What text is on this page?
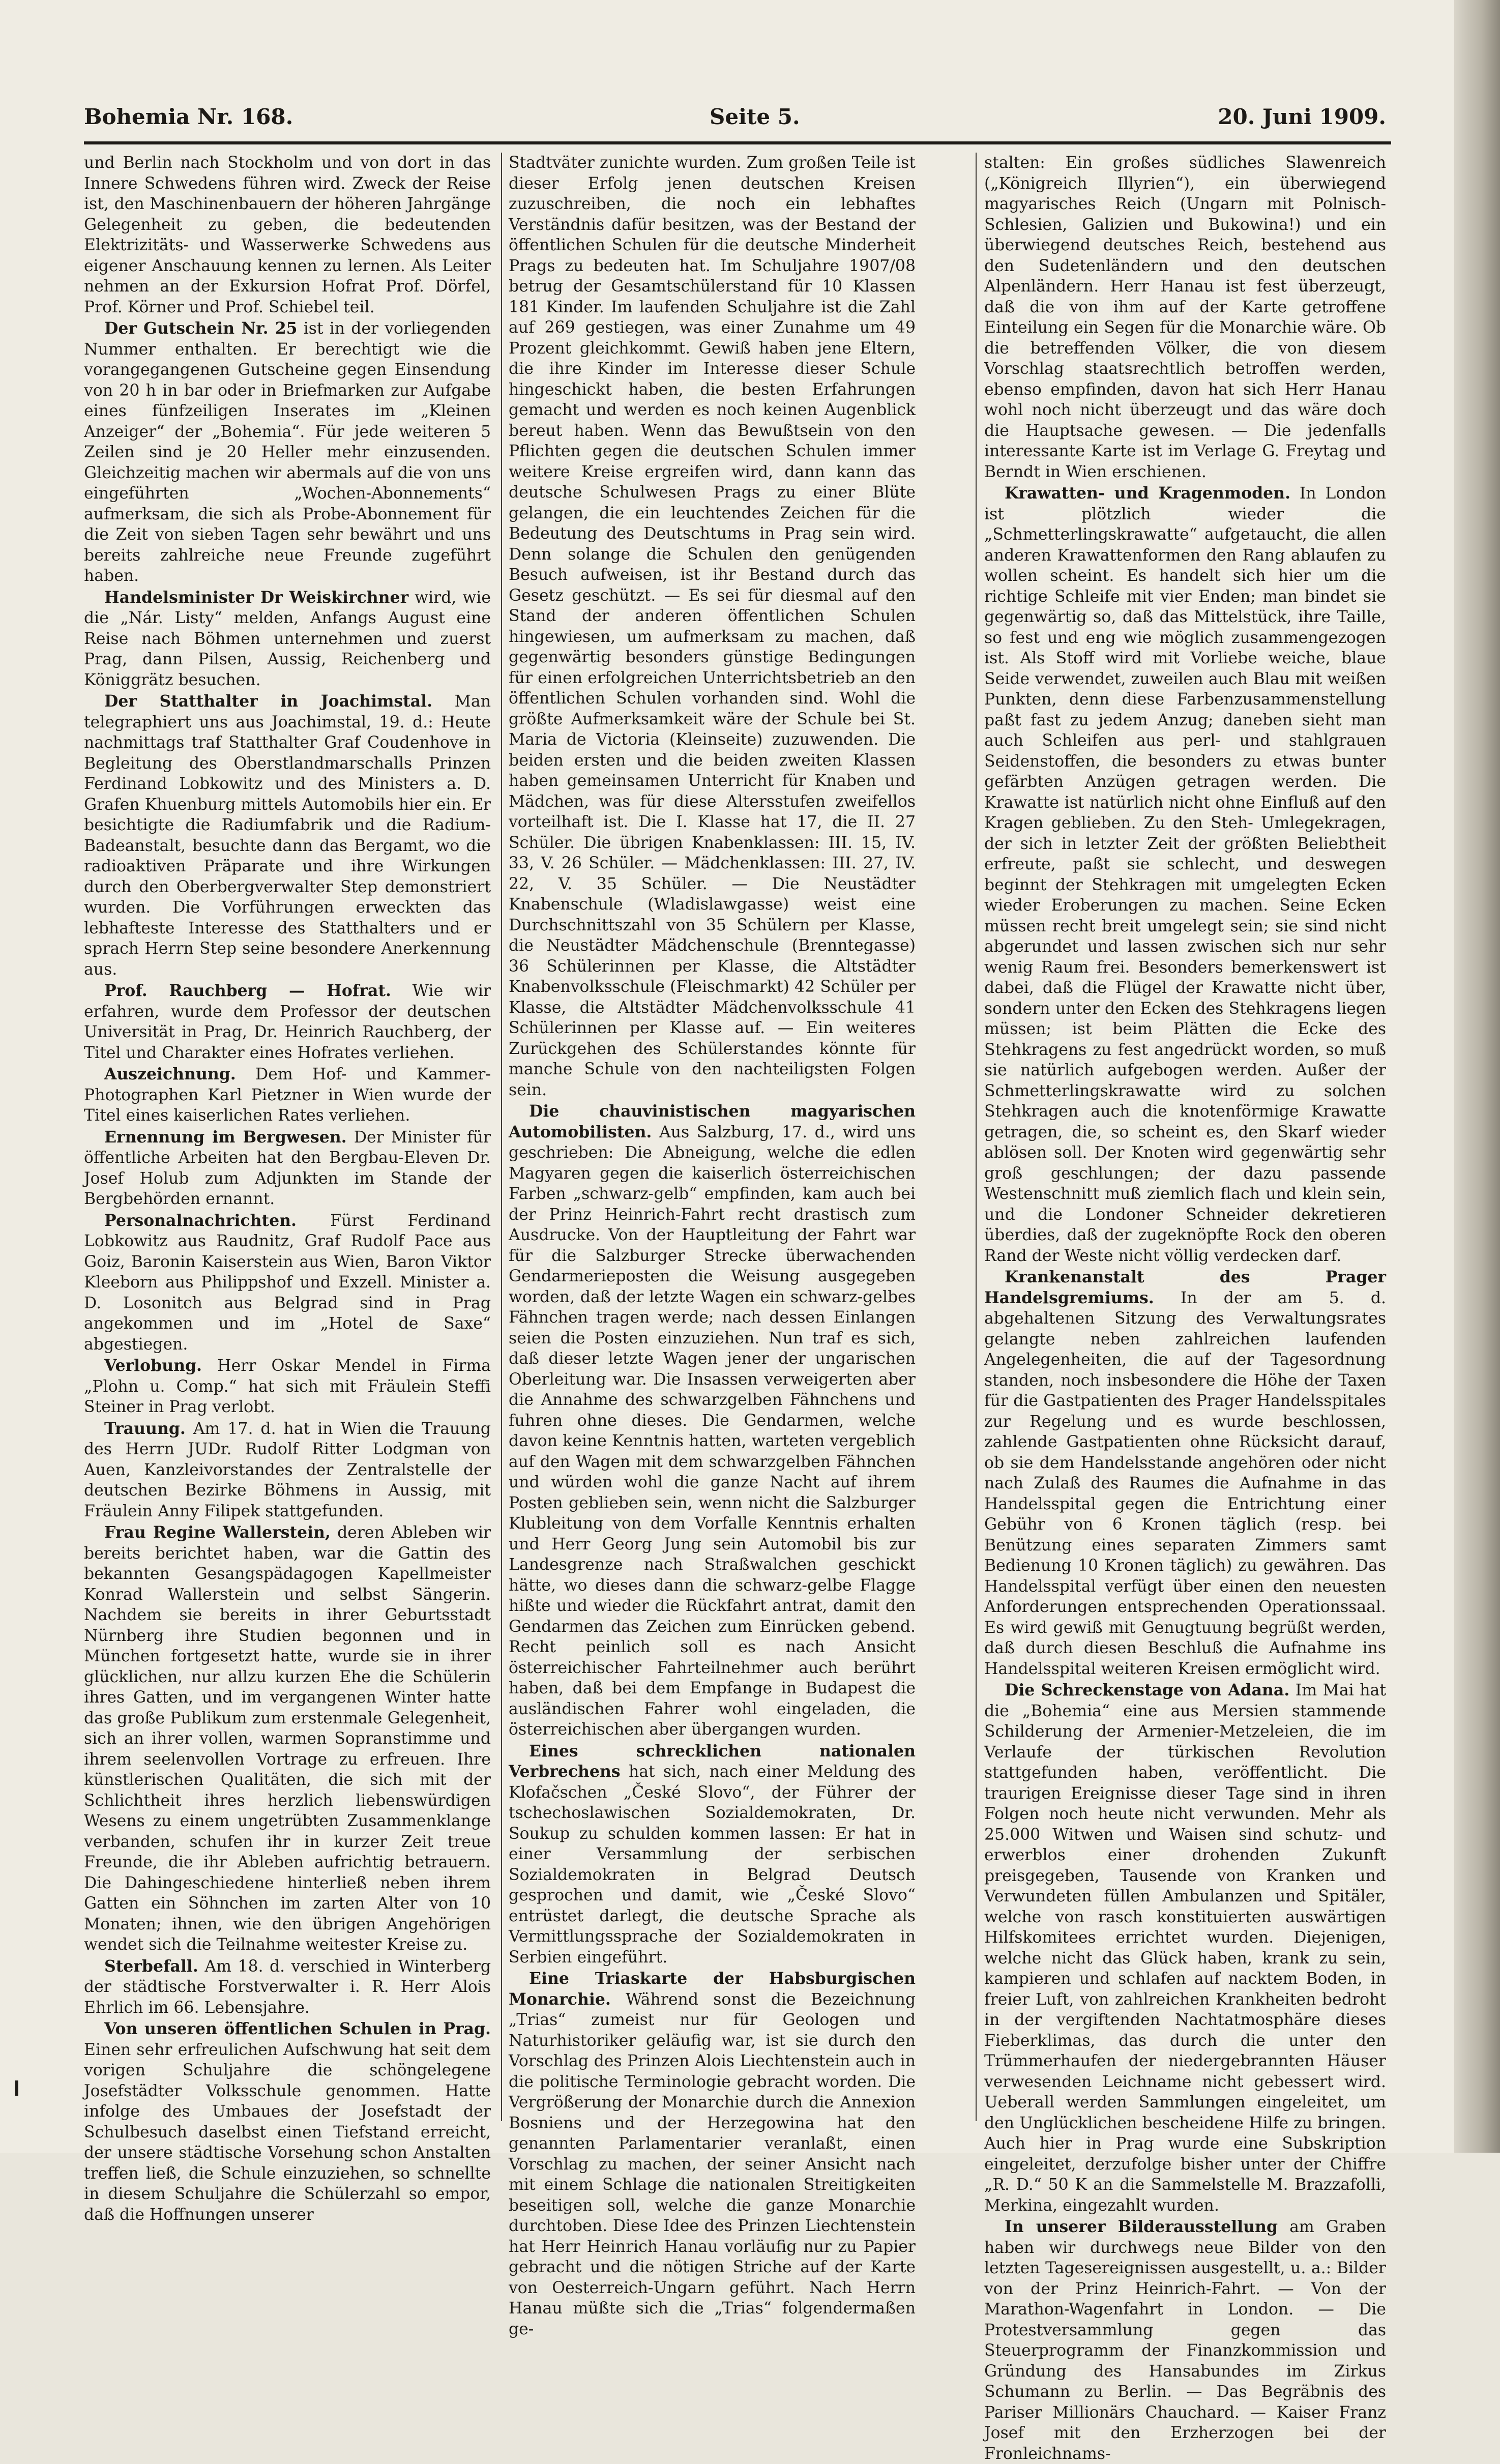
Bohemia Nr. 168.	Seite 5.	20. Juni 1909.

und Berlin nach Stockholm und von dort in das Innere Schwedens führen wird. Zweck der Reise ist, den Maschinenbauern der höheren Jahrgänge Gelegenheit zu geben, die bedeutenden Elektrizitäts- und Wasserwerke Schwedens aus eigener Anschauung kennen zu lernen. Als Leiter nehmen an der Exkursion Hofrat Prof. Dörfel, Prof. Körner und Prof. Schiebel teil.

Der Gutschein Nr. 25 ist in der vorliegenden Nummer enthalten. Er berechtigt wie die vorangegangenen Gutscheine gegen Einsendung von 20 h in bar oder in Briefmarken zur Aufgabe eines fünfzeiligen Inserates im „Kleinen Anzeiger“ der „Bohemia“. Für jede weiteren 5 Zeilen sind je 20 Heller mehr einzusenden. Gleichzeitig machen wir abermals auf die von uns eingeführten „Wochen-Abonnements“ aufmerksam, die sich als Probe-Abonnement für die Zeit von sieben Tagen sehr bewährt und uns bereits zahlreiche neue Freunde zugeführt haben.

Handelsminister Dr Weiskirchner wird, wie die „Nár. Listy“ melden, Anfangs August eine Reise nach Böhmen unternehmen und zuerst Prag, dann Pilsen, Aussig, Reichenberg und Königgrätz besuchen.

Der Statthalter in Joachimstal. Man telegraphiert uns aus Joachimstal, 19. d.: Heute nachmittags traf Statthalter Graf Coudenhove in Begleitung des Oberstlandmarschalls Prinzen Ferdinand Lobkowitz und des Ministers a. D. Grafen Khuenburg mittels Automobils hier ein. Er besichtigte die Radiumfabrik und die Radium-Badeanstalt, besuchte dann das Bergamt, wo die radioaktiven Präparate und ihre Wirkungen durch den Oberbergverwalter Step demonstriert wurden. Die Vorführungen erweckten das lebhafteste Interesse des Statthalters und er sprach Herrn Step seine besondere Anerkennung aus.

Prof. Rauchberg — Hofrat. Wie wir erfahren, wurde dem Professor der deutschen Universität in Prag, Dr. Heinrich Rauchberg, der Titel und Charakter eines Hofrates verliehen.

Auszeichnung. Dem Hof- und Kammer-Photographen Karl Pietzner in Wien wurde der Titel eines kaiserlichen Rates verliehen.

Ernennung im Bergwesen. Der Minister für öffentliche Arbeiten hat den Bergbau-Eleven Dr. Josef Holub zum Adjunkten im Stande der Bergbehörden ernannt.

Personalnachrichten. Fürst Ferdinand Lobkowitz aus Raudnitz, Graf Rudolf Pace aus Goiz, Baronin Kaiserstein aus Wien, Baron Viktor Kleeborn aus Philippshof und Exzell. Minister a. D. Losonitch aus Belgrad sind in Prag angekommen und im „Hotel de Saxe“ abgestiegen.

Verlobung. Herr Oskar Mendel in Firma „Plohn u. Comp.“ hat sich mit Fräulein Steffi Steiner in Prag verlobt.

Trauung. Am 17. d. hat in Wien die Trauung des Herrn JUDr. Rudolf Ritter Lodgman von Auen, Kanzleivorstandes der Zentralstelle der deutschen Bezirke Böhmens in Aussig, mit Fräulein Anny Filipek stattgefunden.

Frau Regine Wallerstein, deren Ableben wir bereits berichtet haben, war die Gattin des bekannten Gesangspädagogen Kapellmeister Konrad Wallerstein und selbst Sängerin. Nachdem sie bereits in ihrer Geburtsstadt Nürnberg ihre Studien begonnen und in München fortgesetzt hatte, wurde sie in ihrer glücklichen, nur allzu kurzen Ehe die Schülerin ihres Gatten, und im vergangenen Winter hatte das große Publikum zum erstenmale Gelegenheit, sich an ihrer vollen, warmen Sopranstimme und ihrem seelenvollen Vortrage zu erfreuen. Ihre künstlerischen Qualitäten, die sich mit der Schlichtheit ihres herzlich liebenswürdigen Wesens zu einem ungetrübten Zusammenklange verbanden, schufen ihr in kurzer Zeit treue Freunde, die ihr Ableben aufrichtig betrauern. Die Dahingeschiedene hinterließ neben ihrem Gatten ein Söhnchen im zarten Alter von 10 Monaten; ihnen, wie den übrigen Angehörigen wendet sich die Teilnahme weitester Kreise zu.

Sterbefall. Am 18. d. verschied in Winterberg der städtische Forstverwalter i. R. Herr Alois Ehrlich im 66. Lebensjahre.

Von unseren öffentlichen Schulen in Prag. Einen sehr erfreulichen Aufschwung hat seit dem vorigen Schuljahre die schöngelegene Josefstädter Volksschule genommen. Hatte infolge des Umbaues der Josefstadt der Schulbesuch daselbst einen Tiefstand erreicht, der unsere städtische Vorsehung schon Anstalten treffen ließ, die Schule einzuziehen, so schnellte in diesem Schuljahre die Schülerzahl so empor, daß die Hoffnungen unserer

Stadtväter zunichte wurden. Zum großen Teile ist dieser Erfolg jenen deutschen Kreisen zuzuschreiben, die noch ein lebhaftes Verständnis dafür besitzen, was der Bestand der öffentlichen Schulen für die deutsche Minderheit Prags zu bedeuten hat. Im Schuljahre 1907/08 betrug der Gesamtschülerstand für 10 Klassen 181 Kinder. Im laufenden Schuljahre ist die Zahl auf 269 gestiegen, was einer Zunahme um 49 Prozent gleichkommt. Gewiß haben jene Eltern, die ihre Kinder im Interesse dieser Schule hingeschickt haben, die besten Erfahrungen gemacht und werden es noch keinen Augenblick bereut haben. Wenn das Bewußtsein von den Pflichten gegen die deutschen Schulen immer weitere Kreise ergreifen wird, dann kann das deutsche Schulwesen Prags zu einer Blüte gelangen, die ein leuchtendes Zeichen für die Bedeutung des Deutschtums in Prag sein wird. Denn solange die Schulen den genügenden Besuch aufweisen, ist ihr Bestand durch das Gesetz geschützt. — Es sei für diesmal auf den Stand der anderen öffentlichen Schulen hingewiesen, um aufmerksam zu machen, daß gegenwärtig besonders günstige Bedingungen für einen erfolgreichen Unterrichtsbetrieb an den öffentlichen Schulen vorhanden sind. Wohl die größte Aufmerksamkeit wäre der Schule bei St. Maria de Victoria (Kleinseite) zuzuwenden. Die beiden ersten und die beiden zweiten Klassen haben gemeinsamen Unterricht für Knaben und Mädchen, was für diese Altersstufen zweifellos vorteilhaft ist. Die I. Klasse hat 17, die II. 27 Schüler. Die übrigen Knabenklassen: III. 15, IV. 33, V. 26 Schüler. — Mädchenklassen: III. 27, IV. 22, V. 35 Schüler. — Die Neustädter Knabenschule (Wladislawgasse) weist eine Durchschnittszahl von 35 Schülern per Klasse, die Neustädter Mädchenschule (Brenntegasse) 36 Schülerinnen per Klasse, die Altstädter Knabenvolksschule (Fleischmarkt) 42 Schüler per Klasse, die Altstädter Mädchenvolksschule 41 Schülerinnen per Klasse auf. — Ein weiteres Zurückgehen des Schülerstandes könnte für manche Schule von den nachteiligsten Folgen sein.

Die chauvinistischen magyarischen Automobilisten. Aus Salzburg, 17. d., wird uns geschrieben: Die Abneigung, welche die edlen Magyaren gegen die kaiserlich österreichischen Farben „schwarz-gelb“ empfinden, kam auch bei der Prinz Heinrich-Fahrt recht drastisch zum Ausdrucke. Von der Hauptleitung der Fahrt war für die Salzburger Strecke überwachenden Gendarmerieposten die Weisung ausgegeben worden, daß der letzte Wagen ein schwarz-gelbes Fähnchen tragen werde; nach dessen Einlangen seien die Posten einzuziehen. Nun traf es sich, daß dieser letzte Wagen jener der ungarischen Oberleitung war. Die Insassen verweigerten aber die Annahme des schwarzgelben Fähnchens und fuhren ohne dieses. Die Gendarmen, welche davon keine Kenntnis hatten, warteten vergeblich auf den Wagen mit dem schwarzgelben Fähnchen und würden wohl die ganze Nacht auf ihrem Posten geblieben sein, wenn nicht die Salzburger Klubleitung von dem Vorfalle Kenntnis erhalten und Herr Georg Jung sein Automobil bis zur Landesgrenze nach Straßwalchen geschickt hätte, wo dieses dann die schwarz-gelbe Flagge hißte und wieder die Rückfahrt antrat, damit den Gendarmen das Zeichen zum Einrücken gebend. Recht peinlich soll es nach Ansicht österreichischer Fahrteilnehmer auch berührt haben, daß bei dem Empfange in Budapest die ausländischen Fahrer wohl eingeladen, die österreichischen aber übergangen wurden.

Eines schrecklichen nationalen Verbrechens hat sich, nach einer Meldung des Klofačschen „České Slovo“, der Führer der tschechoslawischen Sozialdemokraten, Dr. Soukup zu schulden kommen lassen: Er hat in einer Versammlung der serbischen Sozialdemokraten in Belgrad Deutsch gesprochen und damit, wie „České Slovo“ entrüstet darlegt, die deutsche Sprache als Vermittlungssprache der Sozialdemokraten in Serbien eingeführt.

Eine Triaskarte der Habsburgischen Monarchie. Während sonst die Bezeichnung „Trias“ zumeist nur für Geologen und Naturhistoriker geläufig war, ist sie durch den Vorschlag des Prinzen Alois Liechtenstein auch in die politische Terminologie gebracht worden. Die Vergrößerung der Monarchie durch die Annexion Bosniens und der Herzegowina hat den genannten Parlamentarier veranlaßt, einen Vorschlag zu machen, der seiner Ansicht nach mit einem Schlage die nationalen Streitigkeiten beseitigen soll, welche die ganze Monarchie durchtoben. Diese Idee des Prinzen Liechtenstein hat Herr Heinrich Hanau vorläufig nur zu Papier gebracht und die nötigen Striche auf der Karte von Oesterreich-Ungarn geführt. Nach Herrn Hanau müßte sich die „Trias“ folgendermaßen ge-

stalten: Ein großes südliches Slawenreich („Königreich Illyrien“), ein überwiegend magyarisches Reich (Ungarn mit Polnisch-Schlesien, Galizien und Bukowina!) und ein überwiegend deutsches Reich, bestehend aus den Sudetenländern und den deutschen Alpenländern. Herr Hanau ist fest überzeugt, daß die von ihm auf der Karte getroffene Einteilung ein Segen für die Monarchie wäre. Ob die betreffenden Völker, die von diesem Vorschlag staatsrechtlich betroffen werden, ebenso empfinden, davon hat sich Herr Hanau wohl noch nicht überzeugt und das wäre doch die Hauptsache gewesen. — Die jedenfalls interessante Karte ist im Verlage G. Freytag und Berndt in Wien erschienen.

Krawatten- und Kragenmoden. In London ist plötzlich wieder die „Schmetterlingskrawatte“ aufgetaucht, die allen anderen Krawattenformen den Rang ablaufen zu wollen scheint. Es handelt sich hier um die richtige Schleife mit vier Enden; man bindet sie gegenwärtig so, daß das Mittelstück, ihre Taille, so fest und eng wie möglich zusammengezogen ist. Als Stoff wird mit Vorliebe weiche, blaue Seide verwendet, zuweilen auch Blau mit weißen Punkten, denn diese Farbenzusammenstellung paßt fast zu jedem Anzug; daneben sieht man auch Schleifen aus perl- und stahlgrauen Seidenstoffen, die besonders zu etwas bunter gefärbten Anzügen getragen werden. Die Krawatte ist natürlich nicht ohne Einfluß auf den Kragen geblieben. Zu den Steh- Umlegekragen, der sich in letzter Zeit der größten Beliebtheit erfreute, paßt sie schlecht, und deswegen beginnt der Stehkragen mit umgelegten Ecken wieder Eroberungen zu machen. Seine Ecken müssen recht breit umgelegt sein; sie sind nicht abgerundet und lassen zwischen sich nur sehr wenig Raum frei. Besonders bemerkenswert ist dabei, daß die Flügel der Krawatte nicht über, sondern unter den Ecken des Stehkragens liegen müssen; ist beim Plätten die Ecke des Stehkragens zu fest angedrückt worden, so muß sie natürlich aufgebogen werden. Außer der Schmetterlingskrawatte wird zu solchen Stehkragen auch die knotenförmige Krawatte getragen, die, so scheint es, den Skarf wieder ablösen soll. Der Knoten wird gegenwärtig sehr groß geschlungen; der dazu passende Westenschnitt muß ziemlich flach und klein sein, und die Londoner Schneider dekretieren überdies, daß der zugeknöpfte Rock den oberen Rand der Weste nicht völlig verdecken darf.

Krankenanstalt des Prager Handelsgremiums. In der am 5. d. abgehaltenen Sitzung des Verwaltungsrates gelangte neben zahlreichen laufenden Angelegenheiten, die auf der Tagesordnung standen, noch insbesondere die Höhe der Taxen für die Gastpatienten des Prager Handelsspitales zur Regelung und es wurde beschlossen, zahlende Gastpatienten ohne Rücksicht darauf, ob sie dem Handelsstande angehören oder nicht nach Zulaß des Raumes die Aufnahme in das Handelsspital gegen die Entrichtung einer Gebühr von 6 Kronen täglich (resp. bei Benützung eines separaten Zimmers samt Bedienung 10 Kronen täglich) zu gewähren. Das Handelsspital verfügt über einen den neuesten Anforderungen entsprechenden Operationssaal. Es wird gewiß mit Genugtuung begrüßt werden, daß durch diesen Beschluß die Aufnahme ins Handelsspital weiteren Kreisen ermöglicht wird.

Die Schreckenstage von Adana. Im Mai hat die „Bohemia“ eine aus Mersien stammende Schilderung der Armenier-Metzeleien, die im Verlaufe der türkischen Revolution stattgefunden haben, veröffentlicht. Die traurigen Ereignisse dieser Tage sind in ihren Folgen noch heute nicht verwunden. Mehr als 25.000 Witwen und Waisen sind schutz- und erwerblos einer drohenden Zukunft preisgegeben, Tausende von Kranken und Verwundeten füllen Ambulanzen und Spitäler, welche von rasch konstituierten auswärtigen Hilfskomitees errichtet wurden. Diejenigen, welche nicht das Glück haben, krank zu sein, kampieren und schlafen auf nacktem Boden, in freier Luft, von zahlreichen Krankheiten bedroht in der vergiftenden Nachtatmosphäre dieses Fieberklimas, das durch die unter den Trümmerhaufen der niedergebrannten Häuser verwesenden Leichname nicht gebessert wird. Ueberall werden Sammlungen eingeleitet, um den Unglücklichen bescheidene Hilfe zu bringen. Auch hier in Prag wurde eine Subskription eingeleitet, derzufolge bisher unter der Chiffre „R. D.“ 50 K an die Sammelstelle M. Brazzafolli, Merkina, eingezahlt wurden.

In unserer Bilderausstellung am Graben haben wir durchwegs neue Bilder von den letzten Tagesereignissen ausgestellt, u. a.: Bilder von der Prinz Heinrich-Fahrt. — Von der Marathon-Wagenfahrt in London. — Die Protestversammlung gegen das Steuerprogramm der Finanzkommission und Gründung des Hansabundes im Zirkus Schumann zu Berlin. — Das Begräbnis des Pariser Millionärs Chauchard. — Kaiser Franz Josef mit den Erzherzogen bei der Fronleichnams-
